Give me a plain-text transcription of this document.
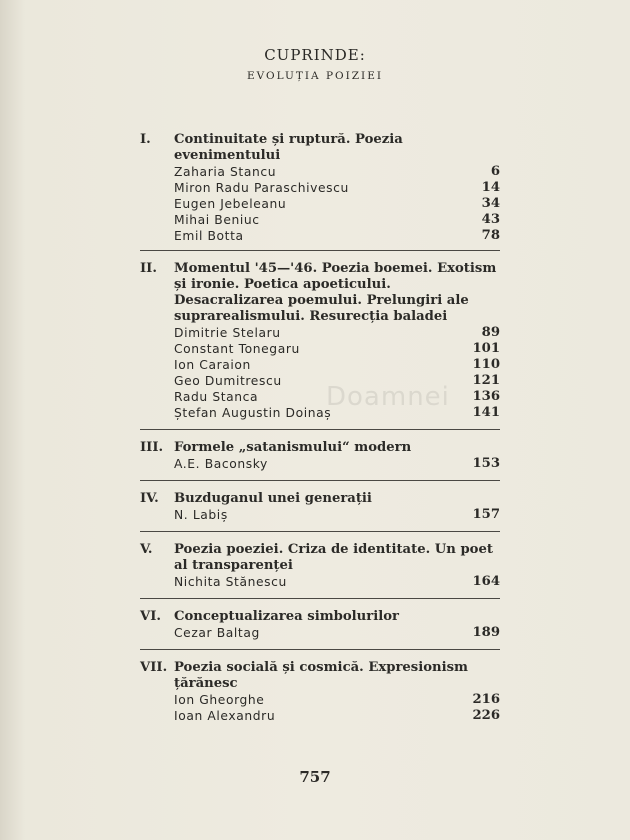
CUPRINDE:
EVOLUȚIA POIZIEI
I. Continuitate și ruptură. Poezia evenimentului
Zaharia Stancu	6
Miron Radu Paraschivescu	14
Eugen Jebeleanu	34
Mihai Beniuc	43
Emil Botta	78
II. Momentul '45—'46. Poezia boemei. Exotism și ironie. Poetica apoeticului. Desacralizarea poemului. Prelungiri ale suprarealismului. Resurecția baladei
Dimitrie Stelaru	89
Constant Tonegaru	101
Ion Caraion	110
Geo Dumitrescu	121
Radu Stanca	136
Ștefan Augustin Doinaș	141
III. Formele „satanismului“ modern
A.E. Baconsky	153
IV. Buzduganul unei generații
N. Labiș	157
V. Poezia poeziei. Criza de identitate. Un poet al transparenței
Nichita Stănescu	164
VI. Conceptualizarea simbolurilor
Cezar Baltag	189
VII. Poezia socială și cosmică. Expresionism țărănesc
Ion Gheorghe	216
Ioan Alexandru	226
Doamnei
757
